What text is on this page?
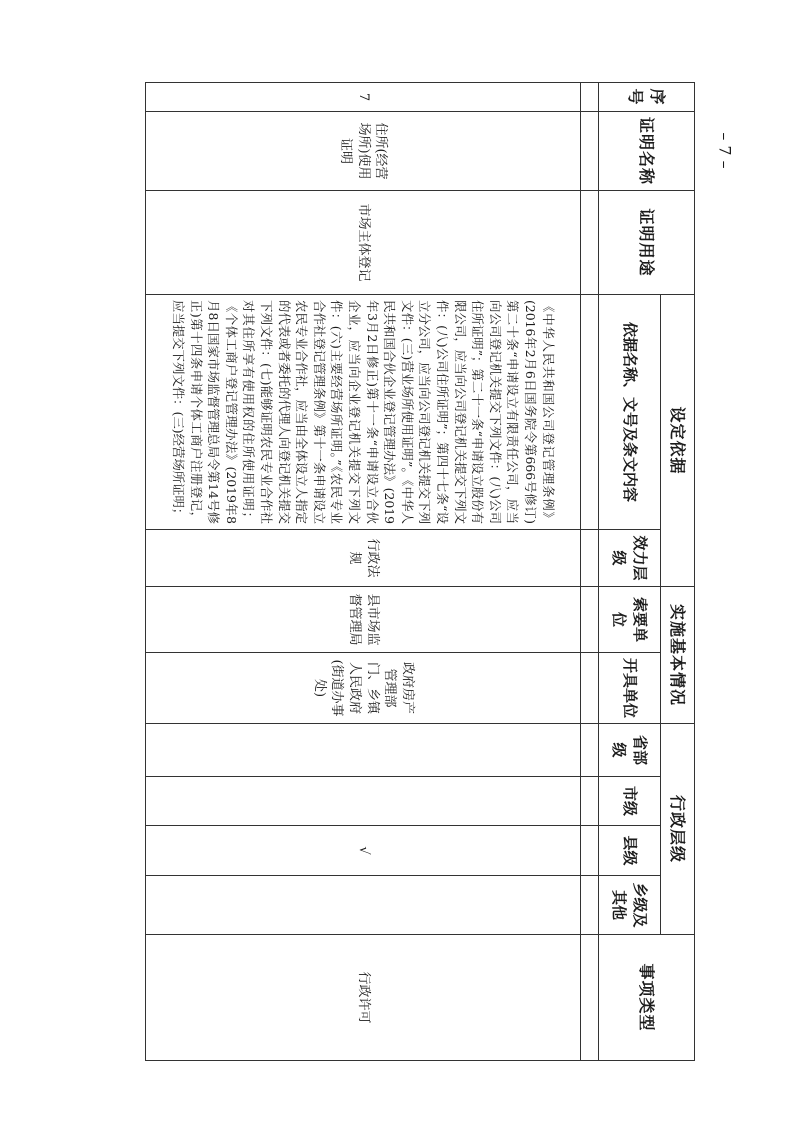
– 7 –
序号	证明名称	证明用途	设定依据		实施基本情况		行政层级				事项类型
			依据名称、文号及条文内容	效力层级	索要单位	开具单位	省部级	市级	县级	乡级及其他	

7	住所(经营场所)使用证明	市场主体登记	《中华人民共和国公司登记管理条例》(2016年2月6日国务院令第666号修订)第二十条“申请设立有限责任公司，应当向公司登记机关提交下列文件：(八)公司住所证明”；第二十一条“申请设立股份有限公司，应当向公司登记机关提交下列文件：(八)公司住所证明”；第四十七条“设立分公司，应当向公司登记机关提交下列文件：(三)营业场所使用证明”。《中华人民共和国合伙企业登记管理办法》(2019年3月2日修正)第十一条“申请设立合伙企业，应当向企业登记机关提交下列文件：(六)主要经营场所证明。”《农民专业合作社登记管理条例》第十一条申请设立农民专业合作社，应当由全体设立人指定的代表或者委托的代理人向登记机关提交下列文件：(七)能够证明农民专业合作社对其住所享有使用权的住所使用证明；《个体工商户登记管理办法》(2019年8月8日国家市场监督管理总局令第14号修正)第十四条申请个体工商户注册登记，应当提交下列文件：(三)经营场所证明；	行政法规	县市场监督管理局	政府房产管理部门、乡镇人民政府(街道办事处)			√		行政许可
